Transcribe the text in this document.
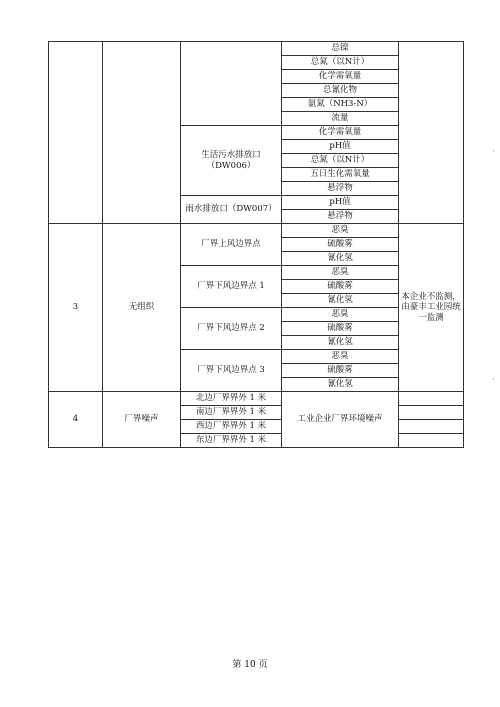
			总镍	
			总氮（以N计）	
			化学需氧量	
			总氰化物	
			氨氮（NH3-N）	
			流量	
		生活污水排放口（DW006）	化学需氧量	
			pH值	
			总氮（以N计）	
			五日生化需氧量	
			悬浮物	
		雨水排放口（DW007）	pH值	
			悬浮物	
3	无组织	厂界上风边界点	恶臭	本企业不监测，由豪丰工业园统一监测
			硫酸雾	
			氰化氢	
		厂界下风边界点 1	恶臭	
			硫酸雾	
			氰化氢	
		厂界下风边界点 2	恶臭	
			硫酸雾	
			氰化氢	
		厂界下风边界点 3	恶臭	
			硫酸雾	
			氰化氢	
4	厂界噪声	北边厂界界外 1 米	工业企业厂界环境噪声	
		南边厂界界外 1 米		
		西边厂界界外 1 米		
		东边厂界界外 1 米		
第 10 页
